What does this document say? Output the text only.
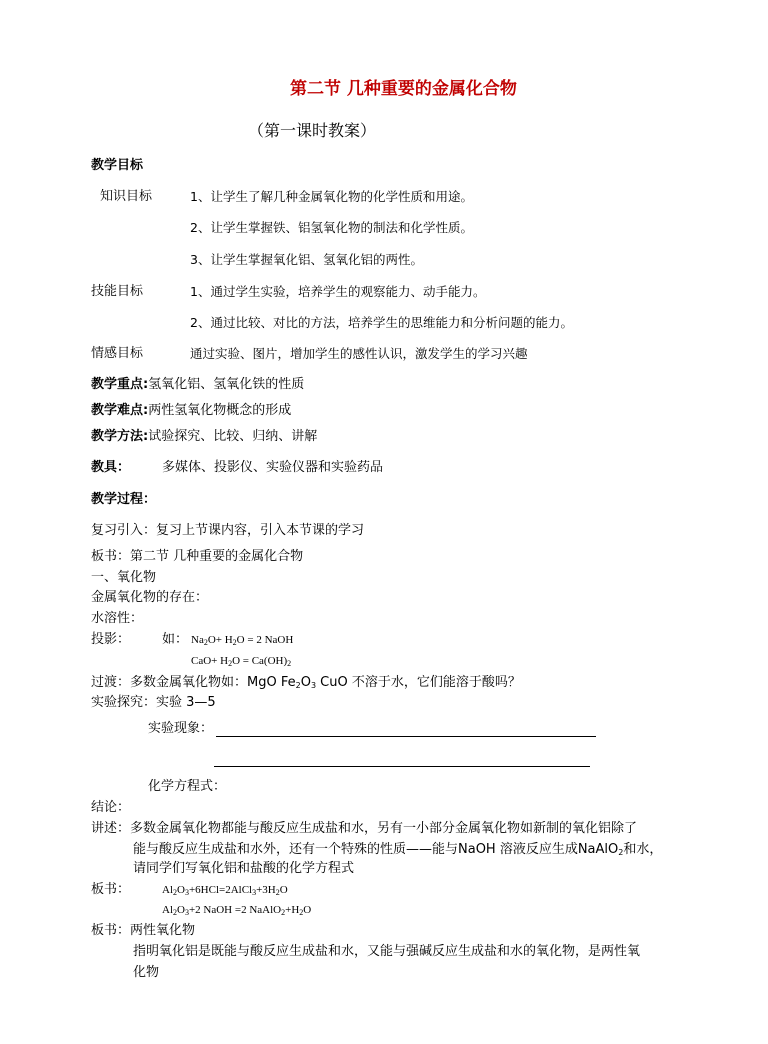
第二节 几种重要的金属化合物
（第一课时教案）
教学目标
知识目标	1、让学生了解几种金属氧化物的化学性质和用途。
2、让学生掌握铁、铝氢氧化物的制法和化学性质。
3、让学生掌握氧化铝、氢氧化铝的两性。
技能目标	1、通过学生实验，培养学生的观察能力、动手能力。
2、通过比较、对比的方法，培养学生的思维能力和分析问题的能力。
情感目标	通过实验、图片，增加学生的感性认识，激发学生的学习兴趣
教学重点:氢氧化铝、氢氧化铁的性质
教学难点:两性氢氧化物概念的形成
教学方法:试验探究、比较、归纳、讲解
教具： 多媒体、投影仪、实验仪器和实验药品
教学过程：
复习引入：复习上节课内容，引入本节课的学习
板书：第二节 几种重要的金属化合物
一、氧化物
金属氧化物的存在：
水溶性：
投影： 如： $Na_2O+ H_2O = 2$ NaOH
$CaO+ H_2O = Ca(OH)_2$
过渡：多数金属氧化物如：MgO $Fe_2O_3$ CuO 不溶于水，它们能溶于酸吗？
实验探究：实验 3—5
实验现象：
化学方程式：
结论：
讲述：多数金属氧化物都能与酸反应生成盐和水，另有一小部分金属氧化物如新制的氧化铝除了
能与酸反应生成盐和水外，还有一个特殊的性质——能与NaOH 溶液反应生成NaAlO$_2$和水，
请同学们写氧化铝和盐酸的化学方程式
板书：	$Al_2O_3+6HCl=2AlCl_3+3H_2O$
$Al_2O_3+2$ NaOH =2 $NaAlO_2+H_2O$
板书：两性氧化物
指明氧化铝是既能与酸反应生成盐和水，又能与强碱反应生成盐和水的氧化物，是两性氧
化物
